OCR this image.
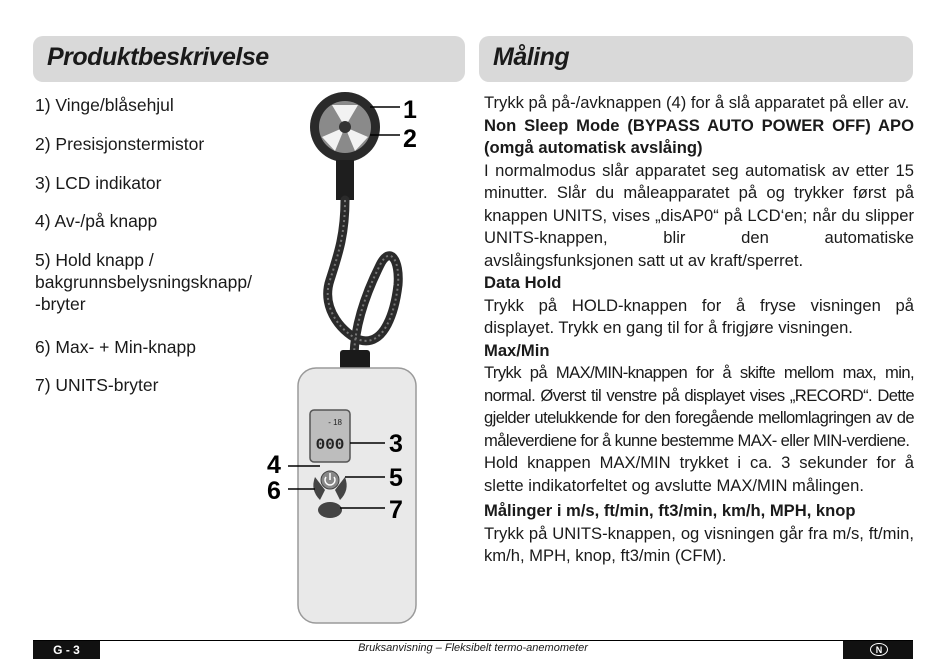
Produktbeskrivelse	Måling
1) Vinge/blåsehjul
2) Presisjonstermistor
3) LCD indikator
4) Av-/på knapp
5) Hold knapp /
bakgrunnsbelysningsknapp/
-bryter
6) Max- + Min-knapp
7) UNITS-bryter
- 18
000
1
2
3
4	5
6
7

Trykk på på-/avknappen (4) for å slå apparatet på eller av.

Non Sleep Mode (BYPASS AUTO POWER OFF) APO (omgå automatisk avslåing)

I normalmodus slår apparatet seg automatisk av etter 15 minutter. Slår du måleapparatet på og trykker først på knappen UNITS, vises „disAP0“ på LCD‘en; når du slipper UNITS-knappen, blir den automatiske avslåingsfunksjonen satt ut av kraft/sperret.

Data Hold

Trykk på HOLD-knappen for å fryse visningen på displayet. Trykk en gang til for å frigjøre visningen.

Max/Min

Trykk på MAX/MIN-knappen for å skifte mellom max, min, normal. Øverst til venstre på displayet vises „RECORD“. Dette gjelder utelukkende for den foregående mellomlagringen av de måleverdiene for å kunne bestemme MAX- eller MIN-verdiene.

Hold knappen MAX/MIN trykket i ca. 3 sekunder for å slette indikatorfeltet og avslutte MAX/MIN målingen.

Målinger i m/s, ft/min, ft3/min, km/h, MPH, knop

Trykk på UNITS-knappen, og visningen går fra m/s, ft/min, km/h, MPH, knop, ft3/min (CFM).

G - 3	Bruksanvisning – Fleksibelt termo-anemometer	N
